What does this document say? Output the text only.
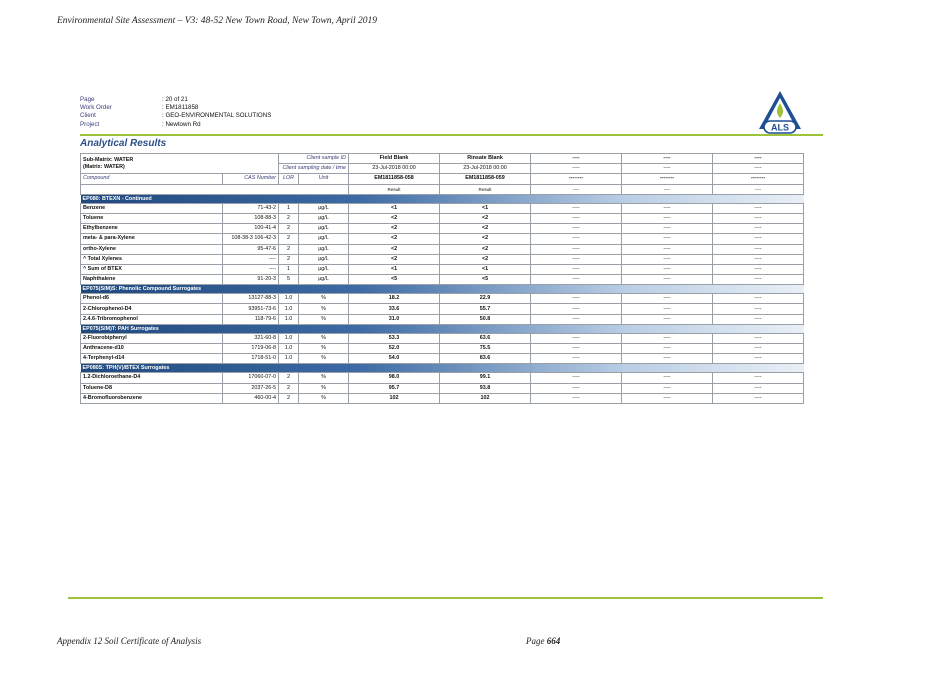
Environmental Site Assessment – V3: 48-52 New Town Road, New Town, April 2019
Page	: 20 of 21
Work Order	: EM1811858
Client	: GEO-ENVIRONMENTAL SOLUTIONS
Project	: Newtown Rd	ALS
Analytical Results
Sub-Matrix: WATER
(Matrix: WATER)		Client sample ID		Field Blank	Rinsate Blank	----	----	----
		Client sampling date / time		23-Jul-2018 00:00	23-Jul-2018 00:00	----	----	----
Compound	CAS Number	LOR	Unit	EM1811858-058	EM1811858-059	--------	--------	--------
				Result	Result	----	----	----
EP080: BTEXN - Continued								
Benzene	71-43-2	1	µg/L	<1	<1	----	----	----
Toluene	108-88-3	2	µg/L	<2	<2	----	----	----
Ethylbenzene	100-41-4	2	µg/L	<2	<2	----	----	----
meta- & para-Xylene	108-38-3 106-42-3	2	µg/L	<2	<2	----	----	----
ortho-Xylene	95-47-6	2	µg/L	<2	<2	----	----	----
^ Total Xylenes	----	2	µg/L	<2	<2	----	----	----
^ Sum of BTEX	----	1	µg/L	<1	<1	----	----	----
Naphthalene	91-20-3	5	µg/L	<5	<5	----	----	----
EP075(SIM)S: Phenolic Compound Surrogates								
Phenol-d6	13127-88-3	1.0	%	18.2	22.9	----	----	----
2-Chlorophenol-D4	93951-73-6	1.0	%	33.6	55.7	----	----	----
2.4.6-Tribromophenol	118-79-6	1.0	%	31.0	50.8	----	----	----
EP075(SIM)T: PAH Surrogates								
2-Fluorobiphenyl	321-60-8	1.0	%	53.3	63.6	----	----	----
Anthracene-d10	1719-06-8	1.0	%	52.0	75.5	----	----	----
4-Terphenyl-d14	1718-51-0	1.0	%	54.0	83.6	----	----	----
EP080S: TPH(V)/BTEX Surrogates								
1.2-Dichloroethane-D4	17060-07-0	2	%	98.0	99.1	----	----	----
Toluene-D8	2037-26-5	2	%	95.7	93.8	----	----	----
4-Bromofluorobenzene	460-00-4	2	%	102	102	----	----	----
Appendix 12 Soil Certificate of Analysis	Page 664
